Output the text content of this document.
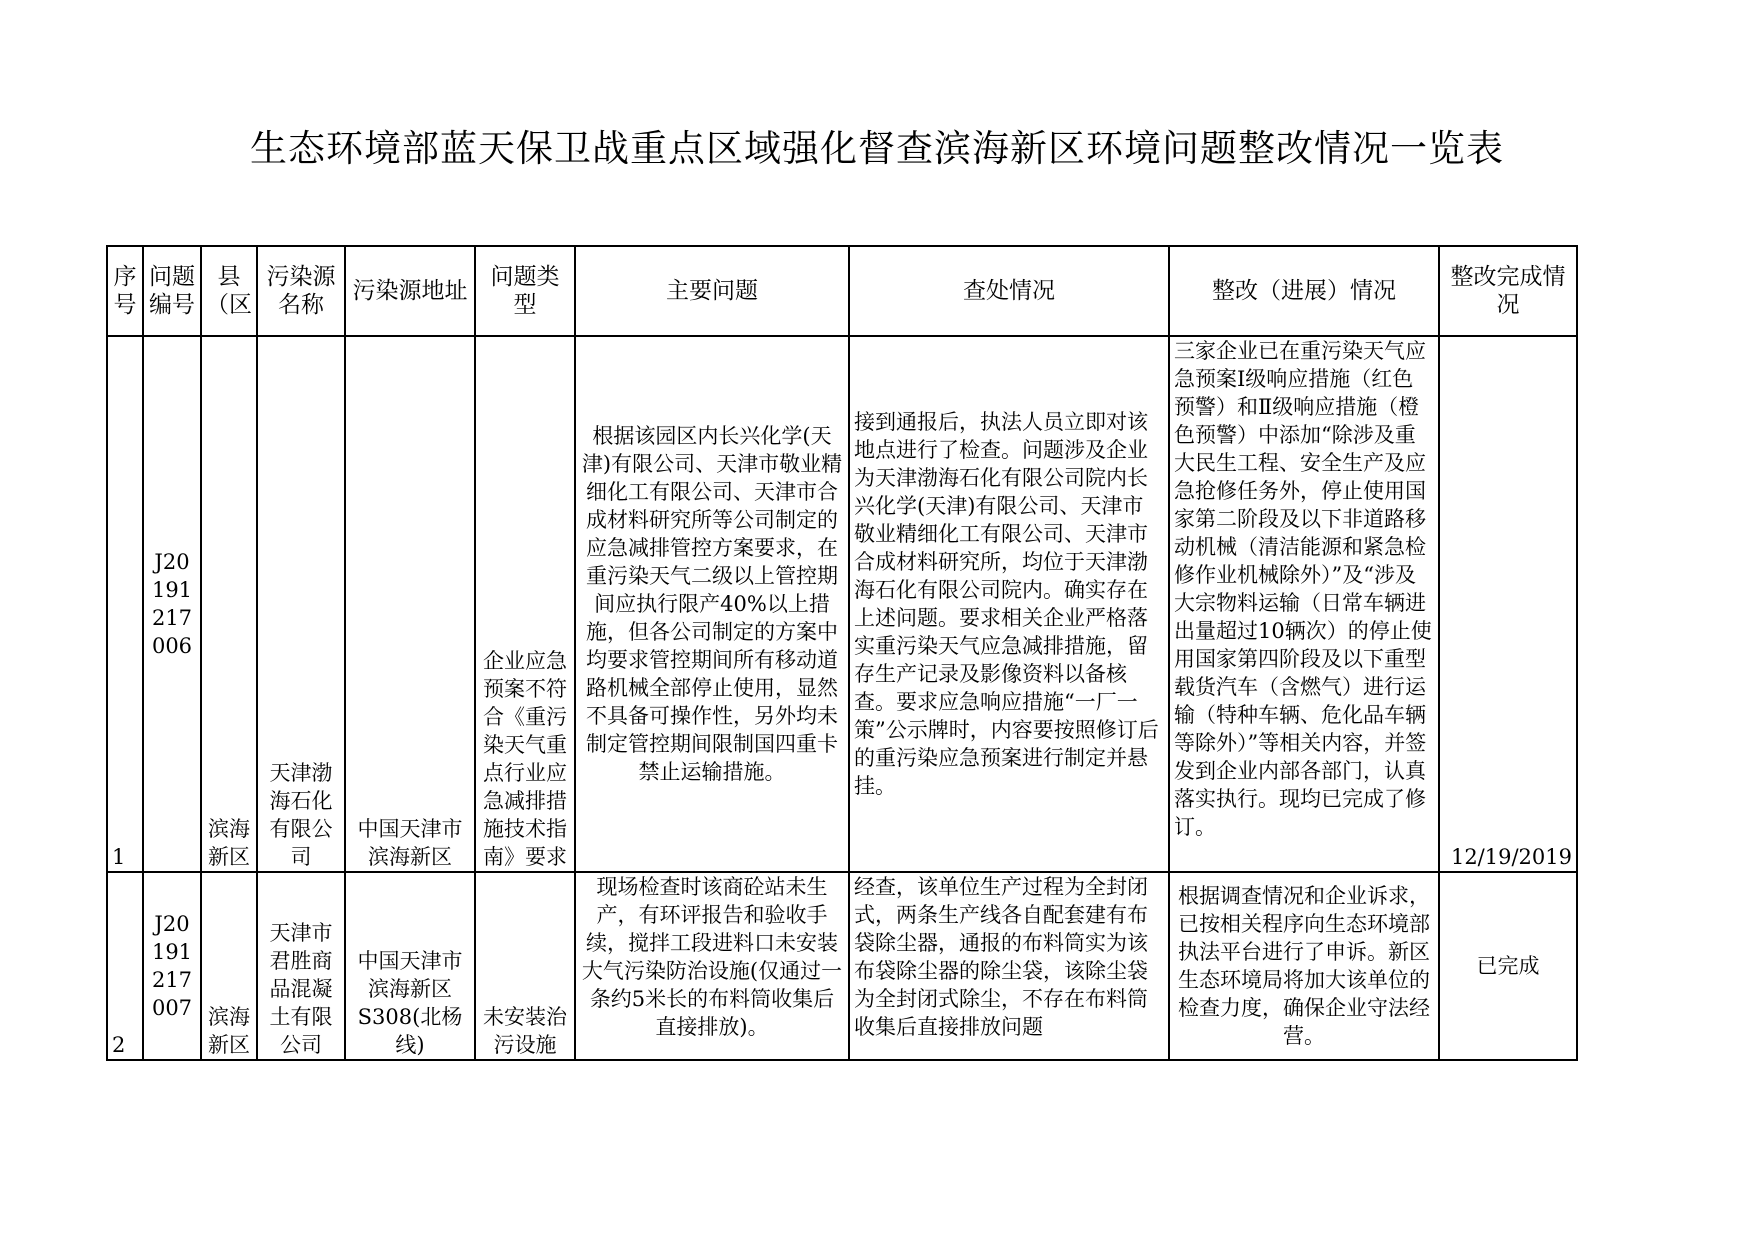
生态环境部蓝天保卫战重点区域强化督查滨海新区环境问题整改情况一览表
序号	问题编号	县（区	污染源名称	污染源地址	问题类型	主要问题	查处情况	整改（进展）情况	整改完成情况

1	J20191217006	滨海新区	天津渤海石化有限公司	中国天津市滨海新区	企业应急预案不符合《重污染天气重点行业应急减排措施技术指南》要求	根据该园区内长兴化学(天津)有限公司、天津市敬业精细化工有限公司、天津市合成材料研究所等公司制定的应急减排管控方案要求，在重污染天气二级以上管控期间应执行限产40%以上措施，但各公司制定的方案中均要求管控期间所有移动道路机械全部停止使用，显然不具备可操作性，另外均未制定管控期间限制国四重卡禁止运输措施。	接到通报后，执法人员立即对该地点进行了检查。问题涉及企业为天津渤海石化有限公司院内长兴化学(天津)有限公司、天津市敬业精细化工有限公司、天津市合成材料研究所，均位于天津渤海石化有限公司院内。确实存在上述问题。要求相关企业严格落实重污染天气应急减排措施，留存生产记录及影像资料以备核查。要求应急响应措施“一厂一策”公示牌时，内容要按照修订后的重污染应急预案进行制定并悬挂。	三家企业已在重污染天气应急预案Ⅰ级响应措施（红色预警）和Ⅱ级响应措施（橙色预警）中添加“除涉及重大民生工程、安全生产及应急抢修任务外，停止使用国家第二阶段及以下非道路移动机械（清洁能源和紧急检修作业机械除外）”及“涉及大宗物料运输（日常车辆进出量超过10辆次）的停止使用国家第四阶段及以下重型载货汽车（含燃气）进行运输（特种车辆、危化品车辆等除外）”等相关内容，并签发到企业内部各部门，认真落实执行。现均已完成了修订。	12/19/2019

2	J20191217007	滨海新区	天津市君胜商品混凝土有限公司	中国天津市滨海新区S308(北杨线)	未安装治污设施	现场检查时该商砼站未生产，有环评报告和验收手续，搅拌工段进料口未安装大气污染防治设施(仅通过一条约5米长的布料筒收集后直接排放)。	经查，该单位生产过程为全封闭式，两条生产线各自配套建有布袋除尘器，通报的布料筒实为该布袋除尘器的除尘袋，该除尘袋为全封闭式除尘，不存在布料筒收集后直接排放问题	根据调查情况和企业诉求，已按相关程序向生态环境部执法平台进行了申诉。新区生态环境局将加大该单位的检查力度，确保企业守法经营。	已完成
